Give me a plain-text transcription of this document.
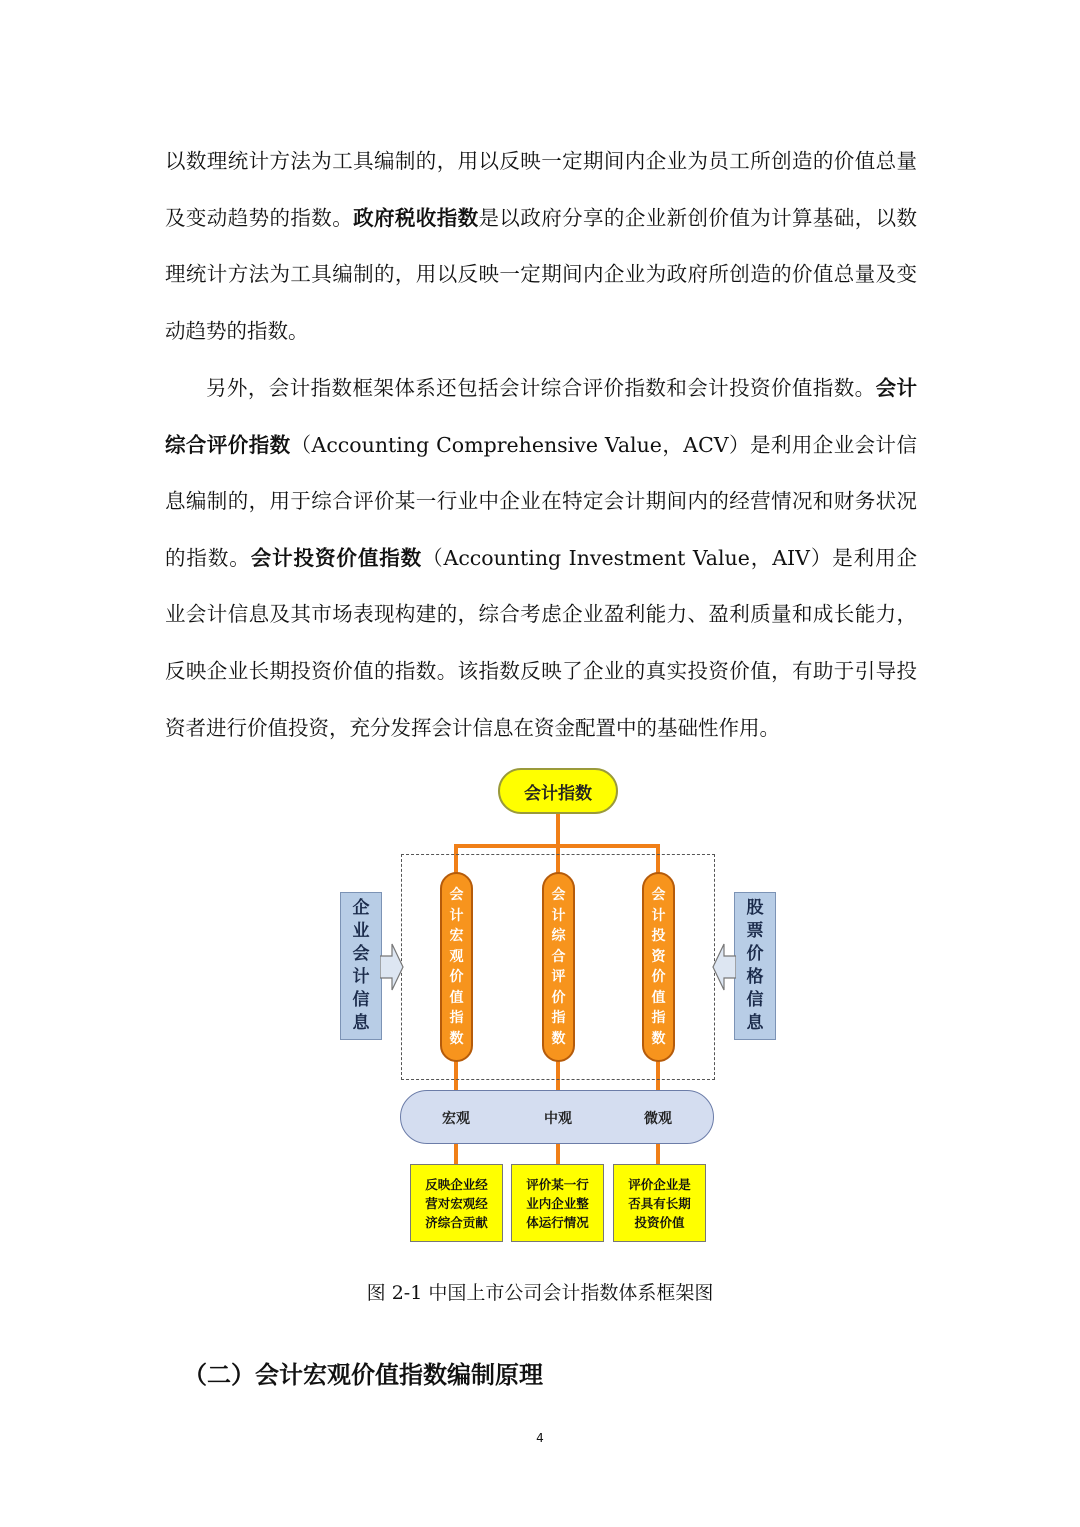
以数理统计方法为工具编制的，用以反映一定期间内企业为员工所创造的价值总量及变动趋势的指数。政府税收指数是以政府分享的企业新创价值为计算基础，以数理统计方法为工具编制的，用以反映一定期间内企业为政府所创造的价值总量及变动趋势的指数。

另外，会计指数框架体系还包括会计综合评价指数和会计投资价值指数。会计综合评价指数（Accounting Comprehensive Value，ACV）是利用企业会计信息编制的，用于综合评价某一行业中企业在特定会计期间内的经营情况和财务状况的指数。会计投资价值指数（Accounting Investment Value，AIV）是利用企业会计信息及其市场表现构建的，综合考虑企业盈利能力、盈利质量和成长能力，反映企业长期投资价值的指数。该指数反映了企业的真实投资价值，有助于引导投资者进行价值投资，充分发挥会计信息在资金配置中的基础性作用。

会计指数
会
计
宏
观
价
值
指
数
会
计
综
合
评
价
指
数
会
计
投
资
价
值
指
数
企
业
会
计
信
息
股
票
价
格
信
息
宏观	中观	微观
反映企业经
营对宏观经
济综合贡献
评价某一行
业内企业整
体运行情况
评价企业是
否具有长期
投资价值
图 2-1 中国上市公司会计指数体系框架图
（二）会计宏观价值指数编制原理
4
